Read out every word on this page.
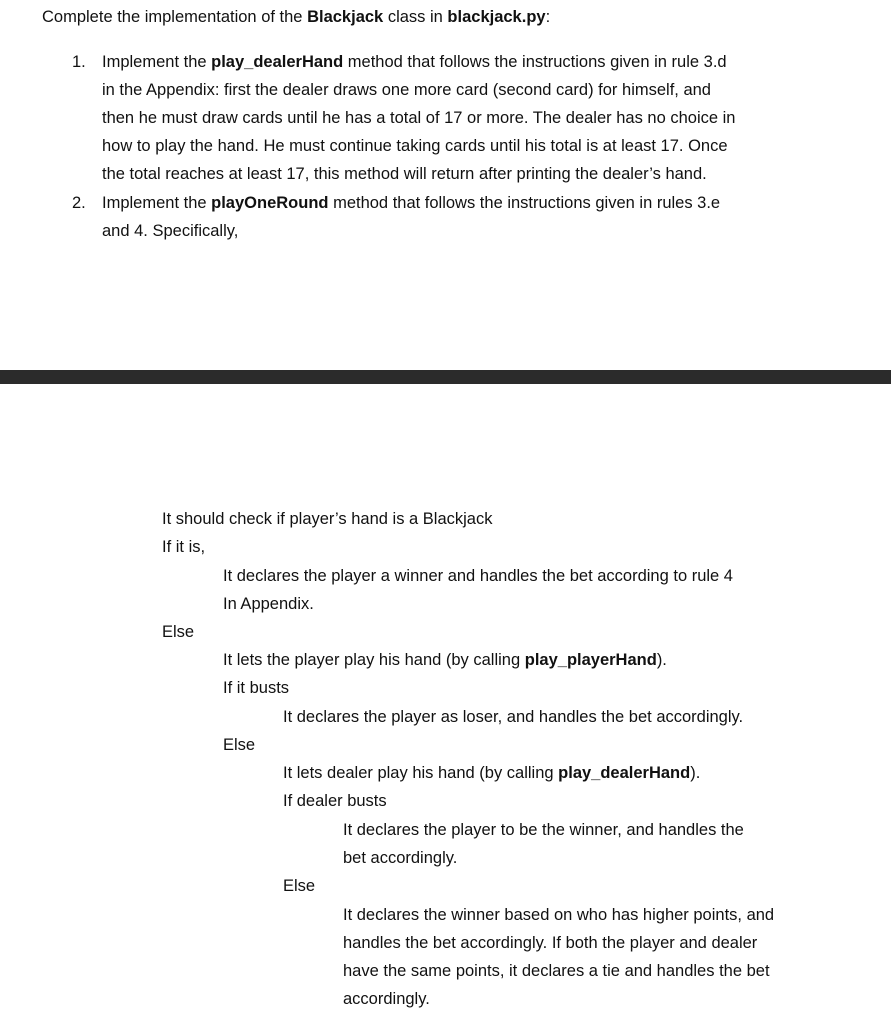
Complete the implementation of the Blackjack class in blackjack.py:
1. Implement the play_dealerHand method that follows the instructions given in rule 3.d
in the Appendix: first the dealer draws one more card (second card) for himself, and
then he must draw cards until he has a total of 17 or more. The dealer has no choice in
how to play the hand. He must continue taking cards until his total is at least 17. Once
the total reaches at least 17, this method will return after printing the dealer’s hand.
2. Implement the playOneRound method that follows the instructions given in rules 3.e
and 4. Specifically,
It should check if player’s hand is a Blackjack
If it is,
It declares the player a winner and handles the bet according to rule 4
In Appendix.
Else
It lets the player play his hand (by calling play_playerHand).
If it busts
It declares the player as loser, and handles the bet accordingly.
Else
It lets dealer play his hand (by calling play_dealerHand).
If dealer busts
It declares the player to be the winner, and handles the
bet accordingly.
Else
It declares the winner based on who has higher points, and
handles the bet accordingly. If both the player and dealer
have the same points, it declares a tie and handles the bet
accordingly.
